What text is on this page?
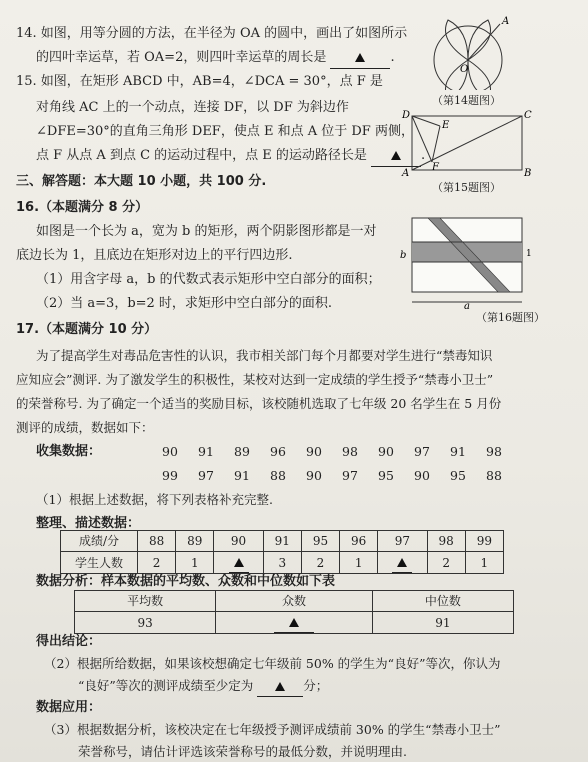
14. 如图，用等分圆的方法，在半径为 OA 的圆中，画出了如图所示
的四叶幸运草，若 OA=2，则四叶幸运草的周长是	.
A
O
（第14题图）
15. 如图，在矩形 ABCD 中，AB=4，∠DCA = 30°，点 F 是
对角线 AC 上的一个动点，连接 DF，以 DF 为斜边作
∠DFE=30°的直角三角形 DEF，使点 E 和点 A 位于 DF 两侧，
点 F 从点 A 到点 C 的运动过程中，点 E 的运动路径长是	.
D
E
C
F
A	B
（第15题图）
三、解答题：本大题 10 小题，共 100 分.
16.（本题满分 8 分）
如图是一个长为 a，宽为 b 的矩形，两个阴影图形都是一对
底边长为 1，且底边在矩形对边上的平行四边形.
（1）用含字母 a，b 的代数式表示矩形中空白部分的面积；
（2）当 a=3，b=2 时，求矩形中空白部分的面积.	a
b	1
（第16题图）
17.（本题满分 10 分）
为了提高学生对毒品危害性的认识，我市相关部门每个月都要对学生进行“禁毒知识
应知应会”测评. 为了激发学生的积极性，某校对达到一定成绩的学生授予“禁毒小卫士”
的荣誉称号. 为了确定一个适当的奖励目标，该校随机选取了七年级 20 名学生在 5 月份
测评的成绩，数据如下：
收集数据：	90	91	89	96	90	98	90	97	91	98
99	97	91	88	90	97	95	90	95	88
（1）根据上述数据，将下列表格补充完整.
整理、描述数据：
成绩/分	88	89	90	91	95	96	97	98	99
学生人数	2	1		3	2	1		2	1
数据分析：样本数据的平均数、众数和中位数如下表
平均数	众数	中位数
93		91
得出结论：
（2）根据所给数据，如果该校想确定七年级前 50% 的学生为“良好”等次，你认为
“良好”等次的测评成绩至少定为	分；
数据应用：
（3）根据数据分析，该校决定在七年级授予测评成绩前 30% 的学生“禁毒小卫士”
荣誉称号，请估计评选该荣誉称号的最低分数，并说明理由.
